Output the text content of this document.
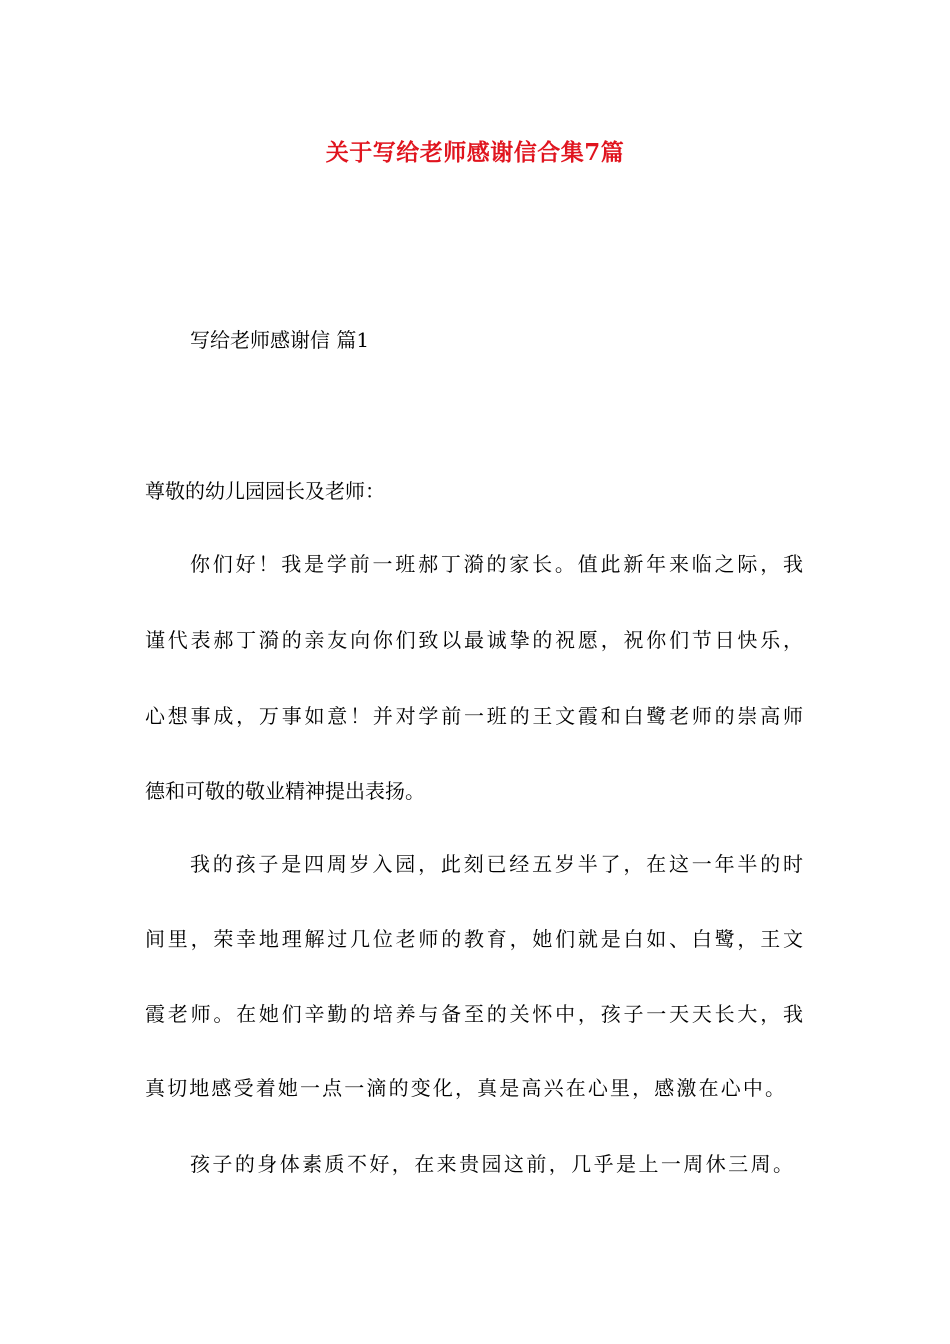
关于写给老师感谢信合集7篇
写给老师感谢信 篇1
尊敬的幼儿园园长及老师：
你们好！我是学前一班郝丁漪的家长。值此新年来临之际，我
谨代表郝丁漪的亲友向你们致以最诚挚的祝愿，祝你们节日快乐，
心想事成，万事如意！并对学前一班的王文霞和白鹭老师的崇高师
德和可敬的敬业精神提出表扬。
我的孩子是四周岁入园，此刻已经五岁半了，在这一年半的时
间里，荣幸地理解过几位老师的教育，她们就是白如、白鹭，王文
霞老师。在她们辛勤的培养与备至的关怀中，孩子一天天长大，我
真切地感受着她一点一滴的变化，真是高兴在心里，感激在心中。
孩子的身体素质不好，在来贵园这前，几乎是上一周休三周。
